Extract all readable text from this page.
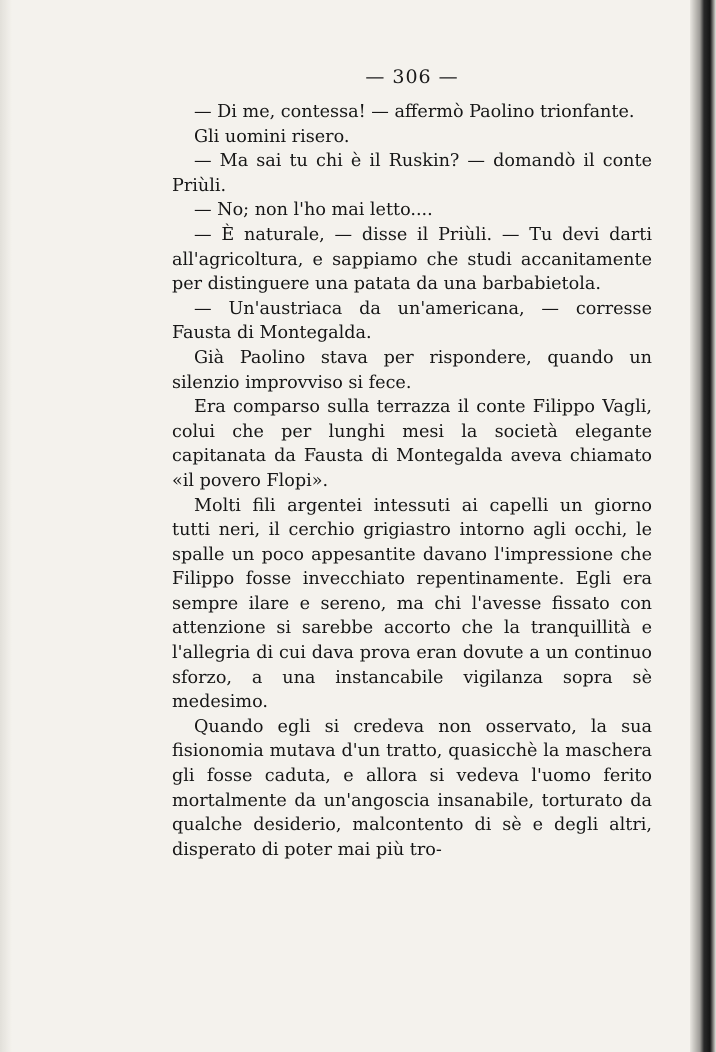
— 306 —

— Di me, contessa! — affermò Paolino trionfante.

Gli uomini risero.

— Ma sai tu chi è il Ruskin? — domandò il conte Priùli.

— No; non l'ho mai letto....

— È naturale, — disse il Priùli. — Tu devi darti all'agricoltura, e sappiamo che studi accanitamente per distinguere una patata da una barbabietola.

— Un'austriaca da un'americana, — corresse Fausta di Montegalda.

Già Paolino stava per rispondere, quando un silenzio improvviso si fece.

Era comparso sulla terrazza il conte Filippo Vagli, colui che per lunghi mesi la società elegante capitanata da Fausta di Montegalda aveva chiamato «il povero Flopi».

Molti fili argentei intessuti ai capelli un giorno tutti neri, il cerchio grigiastro intorno agli occhi, le spalle un poco appesantite davano l'impressione che Filippo fosse invecchiato repentinamente. Egli era sempre ilare e sereno, ma chi l'avesse fissato con attenzione si sarebbe accorto che la tranquillità e l'allegria di cui dava prova eran dovute a un continuo sforzo, a una instancabile vigilanza sopra sè medesimo.

Quando egli si credeva non osservato, la sua fisionomia mutava d'un tratto, quasicchè la maschera gli fosse caduta, e allora si vedeva l'uomo ferito mortalmente da un'angoscia insanabile, torturato da qualche desiderio, malcontento di sè e degli altri, disperato di poter mai più tro-
